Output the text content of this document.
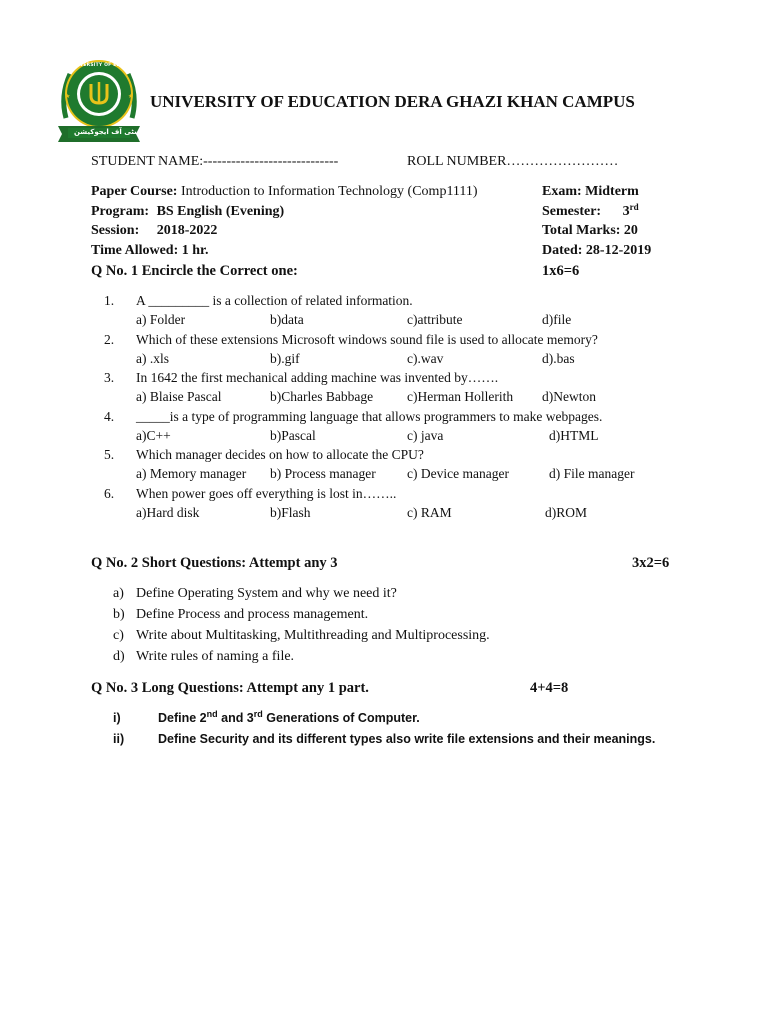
★	★
UNIVERSITY OF EDUCATION
یونیورسٹی آف ایجوکیشن
UNIVERSITY OF EDUCATION DERA GHAZI KHAN CAMPUS
STUDENT NAME:-----------------------------	ROLL NUMBER……………………
Paper Course: Introduction to Information Technology (Comp1111)	Exam: Midterm
Program: BS English (Evening)	Semester: 3rd
Session: 2018-2022	Total Marks: 20
Time Allowed: 1 hr.	Dated: 28-12-2019
Q No. 1 Encircle the Correct one:	1x6=6
1. A _________ is a collection of related information.
a) Folder	b)data	c)attribute	d)file
2. Which of these extensions Microsoft windows sound file is used to allocate memory?
a) .xls	b).gif	c).wav	d).bas
3. In 1642 the first mechanical adding machine was invented by…….
a) Blaise Pascal	b)Charles Babbage	c)Herman Hollerith d)Newton
4. _____is a type of programming language that allows programmers to make webpages.
a)C++	b)Pascal	c) java	d)HTML
5. Which manager decides on how to allocate the CPU?
a) Memory manager b) Process manager c) Device manager	d) File manager
6. When power goes off everything is lost in……..
a)Hard disk	b)Flash	c) RAM	d)ROM
Q No. 2 Short Questions: Attempt any 3	3x2=6
a) Define Operating System and why we need it?
b) Define Process and process management.
c) Write about Multitasking, Multithreading and Multiprocessing.
d) Write rules of naming a file.
Q No. 3 Long Questions: Attempt any 1 part.	4+4=8
i)	Define 2nd and 3rd Generations of Computer.
ii)	Define Security and its different types also write file extensions and their meanings.
